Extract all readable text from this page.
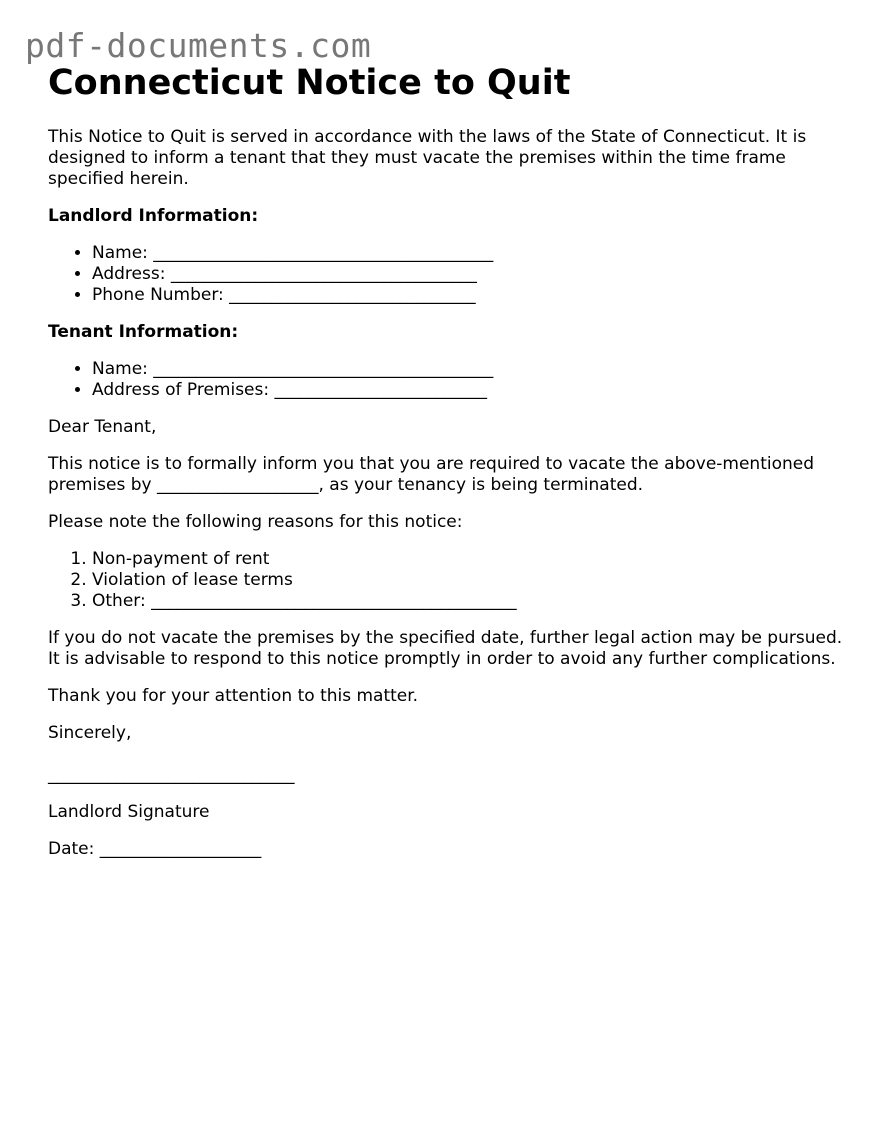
pdf-documents.com
Connecticut Notice to Quit

This Notice to Quit is served in accordance with the laws of the State of Connecticut. It is designed to inform a tenant that they must vacate the premises within the time frame specified herein.

Landlord Information:

• Name: ________________________________________
• Address: ____________________________________
• Phone Number: _____________________________

Tenant Information:

• Name: ________________________________________
• Address of Premises: _________________________

Dear Tenant,

This notice is to formally inform you that you are required to vacate the above-mentioned premises by ___________________, as your tenancy is being terminated.

Please note the following reasons for this notice:

1. Non-payment of rent
2. Violation of lease terms
3. Other: ___________________________________________

If you do not vacate the premises by the specified date, further legal action may be pursued. It is advisable to respond to this notice promptly in order to avoid any further complications.

Thank you for your attention to this matter.

Sincerely,

_____________________________

Landlord Signature

Date: ___________________
